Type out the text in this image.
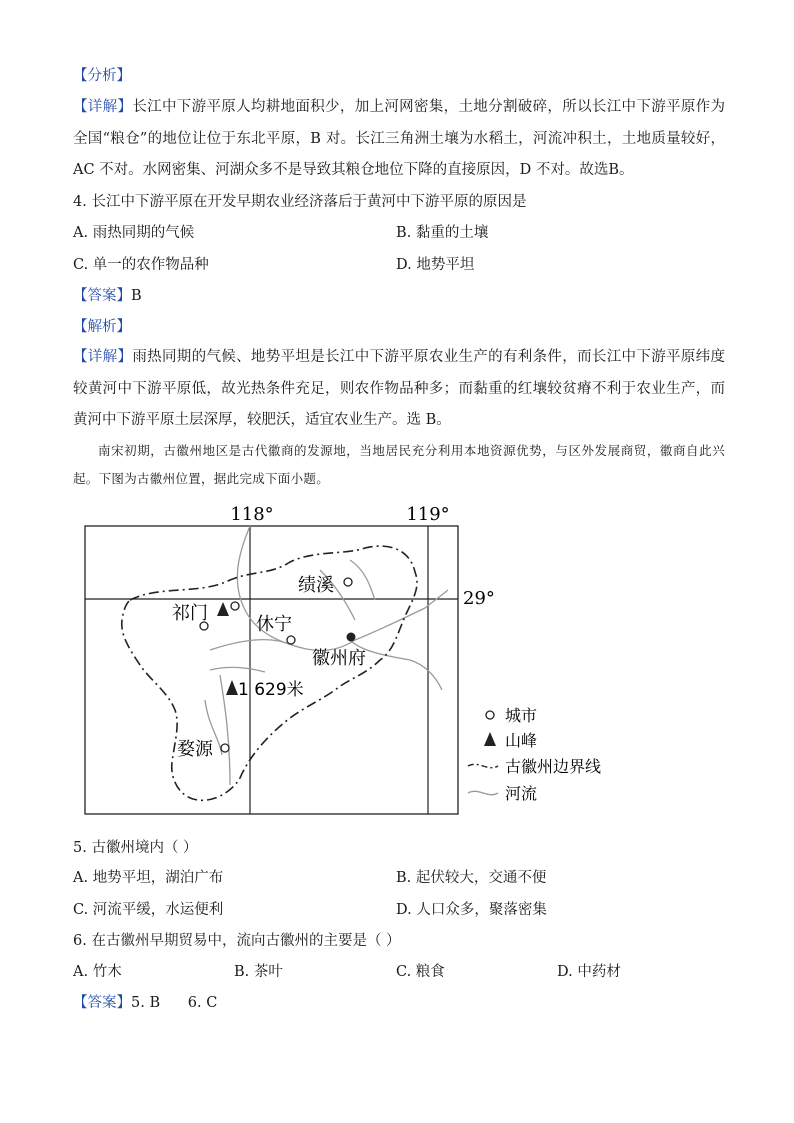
【分析】
【详解】长江中下游平原人均耕地面积少，加上河网密集，土地分割破碎，所以长江中下游平原作为全国“粮仓”的地位让位于东北平原，B 对。长江三角洲土壤为水稻土，河流冲积土，土地质量较好，AC 不对。水网密集、河湖众多不是导致其粮仓地位下降的直接原因，D 不对。故选B。
4. 长江中下游平原在开发早期农业经济落后于黄河中下游平原的原因是
A. 雨热同期的气候	B. 黏重的土壤
C. 单一的农作物品种	D. 地势平坦
【答案】B
【解析】
【详解】雨热同期的气候、地势平坦是长江中下游平原农业生产的有利条件，而长江中下游平原纬度较黄河中下游平原低，故光热条件充足，则农作物品种多；而黏重的红壤较贫瘠不利于农业生产，而黄河中下游平原土层深厚，较肥沃，适宜农业生产。选 B。
南宋初期，古徽州地区是古代徽商的发源地，当地居民充分利用本地资源优势，与区外发展商贸，徽商自此兴起。下图为古徽州位置，据此完成下面小题。
118°	119°
29°
绩溪
祁门
休宁
徽州府
婺源
1 629米
城市
山峰
古徽州边界线
河流
5. 古徽州境内（ ）
A. 地势平坦，湖泊广布	B. 起伏较大，交通不便
C. 河流平缓，水运便利	D. 人口众多，聚落密集
6. 在古徽州早期贸易中，流向古徽州的主要是（ ）
A. 竹木	B. 茶叶	C. 粮食	D. 中药材
【答案】5. B      6. C
